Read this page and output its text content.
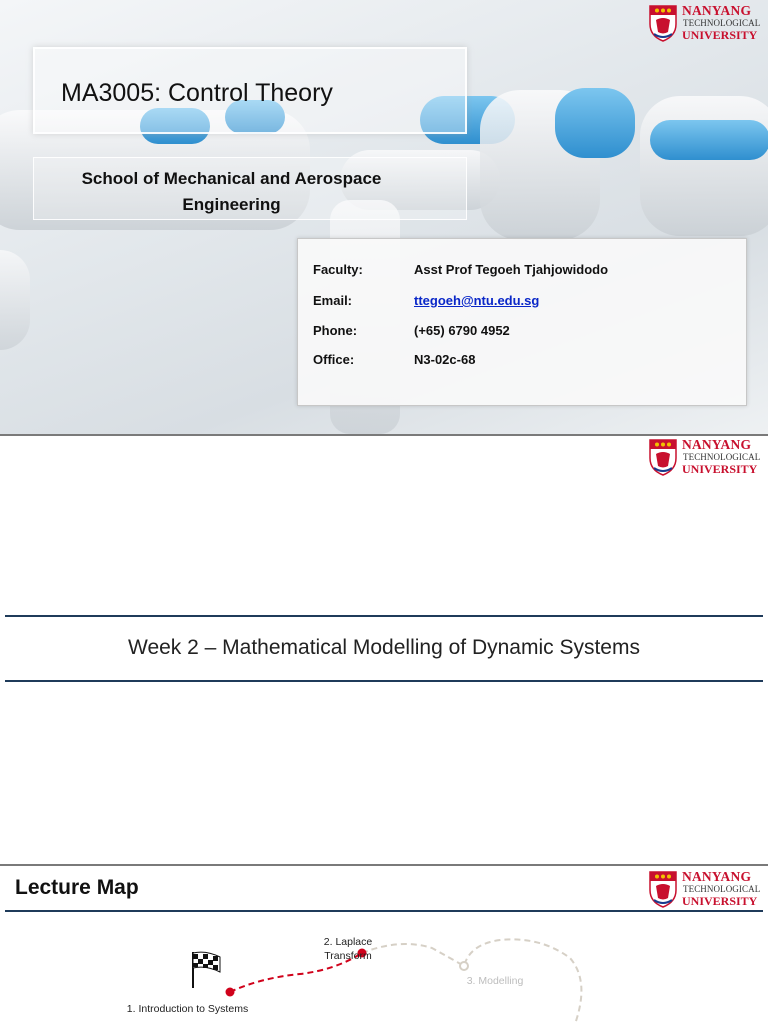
NANYANG
TECHNOLOGICAL
UNIVERSITY
MA3005: Control Theory
School of Mechanical and Aerospace
Engineering
Faculty:	Asst Prof Tegoeh Tjahjowidodo
Email:	ttegoeh@ntu.edu.sg
Phone:	(+65) 6790 4952
Office:	N3-02c-68
NANYANG
TECHNOLOGICAL
UNIVERSITY
Week 2 – Mathematical Modelling of Dynamic Systems
Lecture Map	NANYANG
TECHNOLOGICAL
UNIVERSITY
1. Introduction to Systems
2. Laplace
Transform
3. Modelling
